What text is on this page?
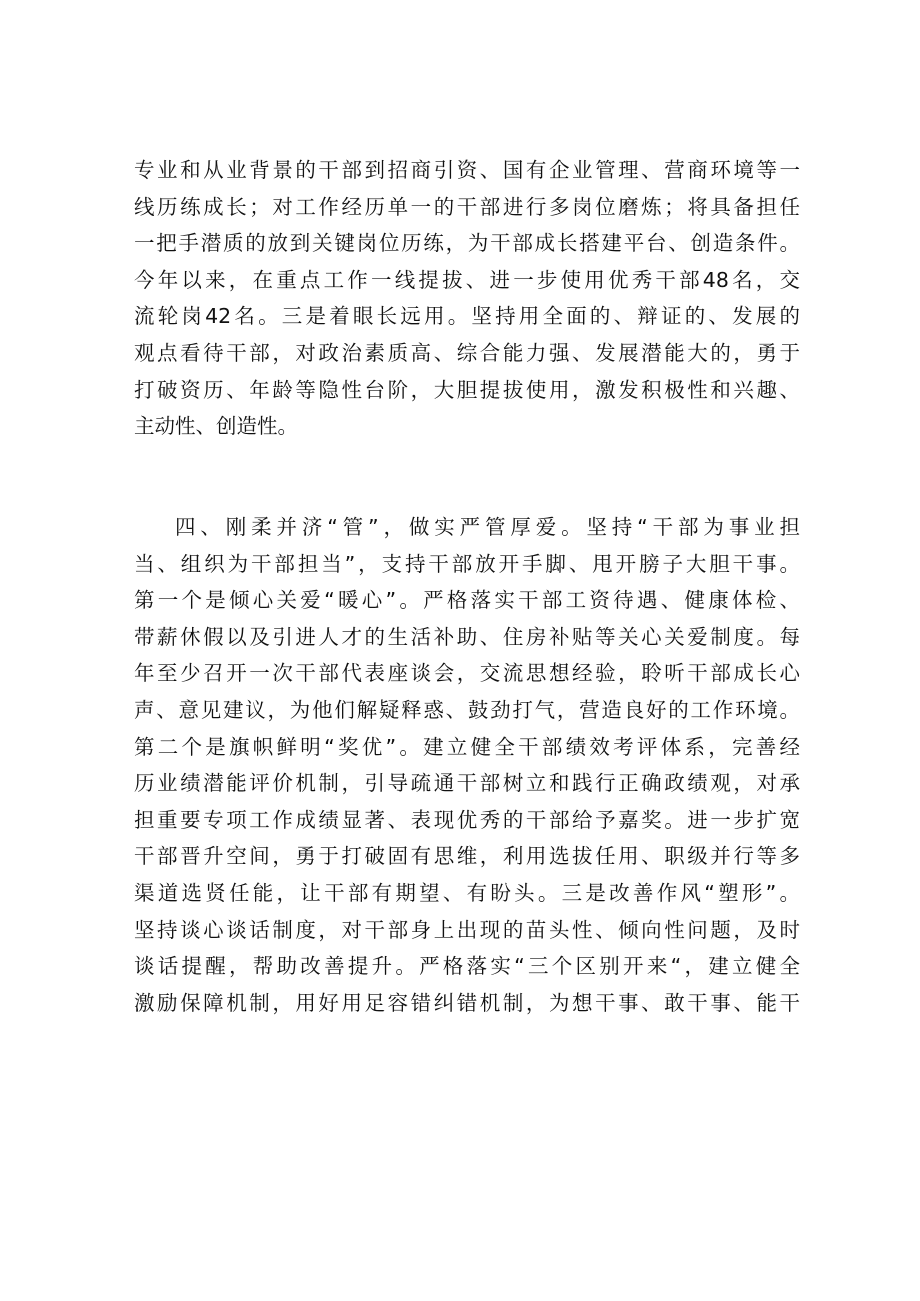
专业和从业背景的干部到招商引资、国有企业管理、营商环境等一
线历练成长；对工作经历单一的干部进行多岗位磨炼；将具备担任
一把手潜质的放到关键岗位历练，为干部成长搭建平台、创造条件。
今年以来，在重点工作一线提拔、进一步使用优秀干部48名，交
流轮岗42名。三是着眼长远用。坚持用全面的、辩证的、发展的
观点看待干部，对政治素质高、综合能力强、发展潜能大的，勇于
打破资历、年龄等隐性台阶，大胆提拔使用，激发积极性和兴趣、
主动性、创造性。
四、刚柔并济“管”，做实严管厚爱。坚持“干部为事业担
当、组织为干部担当”，支持干部放开手脚、甩开膀子大胆干事。
第一个是倾心关爱“暖心”。严格落实干部工资待遇、健康体检、
带薪休假以及引进人才的生活补助、住房补贴等关心关爱制度。每
年至少召开一次干部代表座谈会，交流思想经验，聆听干部成长心
声、意见建议，为他们解疑释惑、鼓劲打气，营造良好的工作环境。
第二个是旗帜鲜明“奖优”。建立健全干部绩效考评体系，完善经
历业绩潜能评价机制，引导疏通干部树立和践行正确政绩观，对承
担重要专项工作成绩显著、表现优秀的干部给予嘉奖。进一步扩宽
干部晋升空间，勇于打破固有思维，利用选拔任用、职级并行等多
渠道选贤任能，让干部有期望、有盼头。三是改善作风“塑形”。
坚持谈心谈话制度，对干部身上出现的苗头性、倾向性问题，及时
谈话提醒，帮助改善提升。严格落实“三个区别开来“，建立健全
激励保障机制，用好用足容错纠错机制，为想干事、敢干事、能干
